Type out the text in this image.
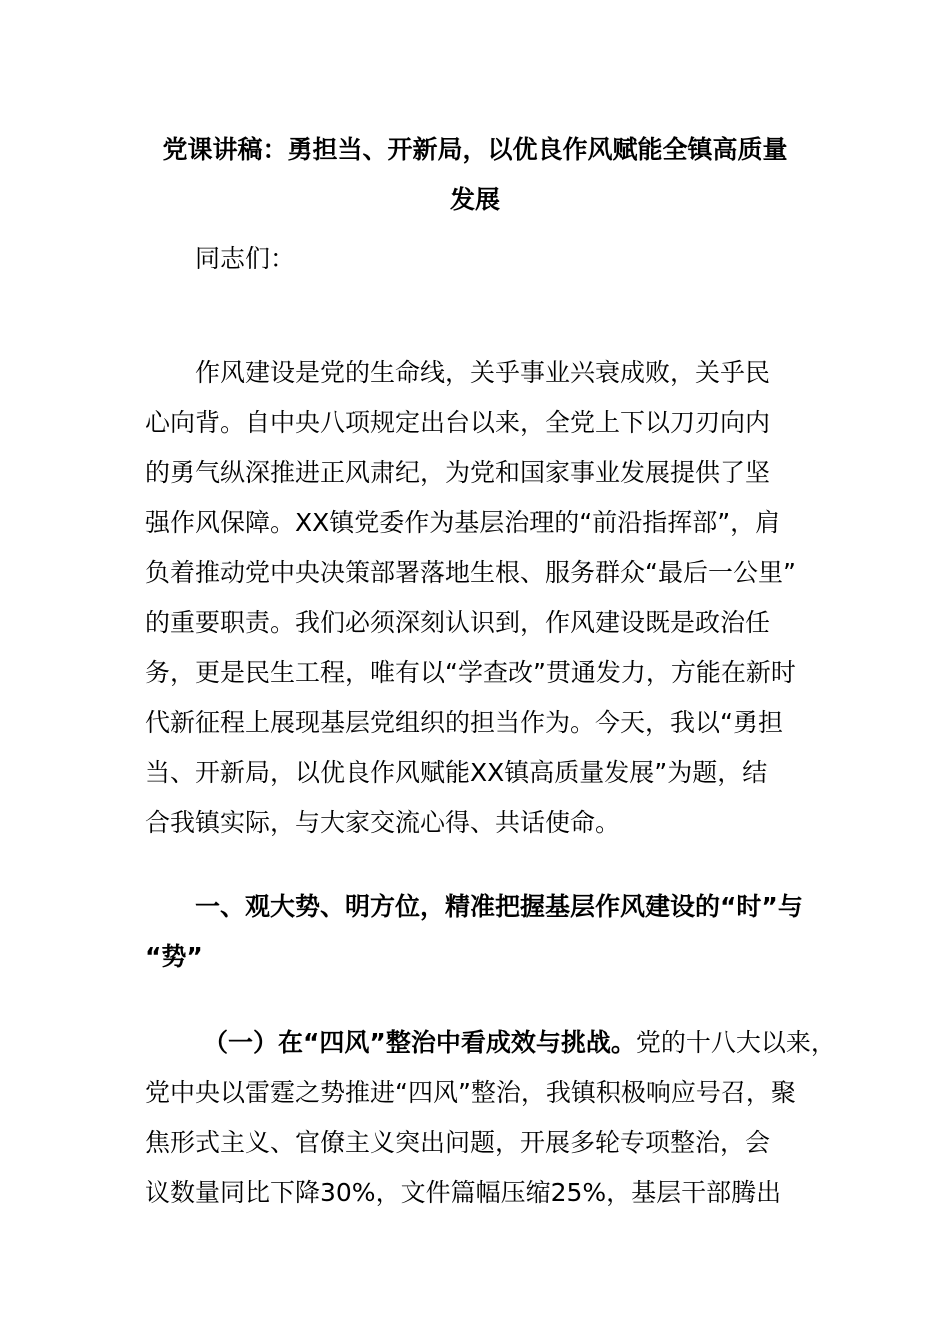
党课讲稿：勇担当、开新局，以优良作风赋能全镇高质量
发展

同志们：

作风建设是党的生命线，关乎事业兴衰成败，关乎民
心向背。自中央八项规定出台以来，全党上下以刀刃向内
的勇气纵深推进正风肃纪，为党和国家事业发展提供了坚
强作风保障。XX镇党委作为基层治理的“前沿指挥部”，肩
负着推动党中央决策部署落地生根、服务群众“最后一公里”
的重要职责。我们必须深刻认识到，作风建设既是政治任
务，更是民生工程，唯有以“学查改”贯通发力，方能在新时
代新征程上展现基层党组织的担当作为。今天，我以“勇担
当、开新局，以优良作风赋能XX镇高质量发展”为题，结
合我镇实际，与大家交流心得、共话使命。

一、观大势、明方位，精准把握基层作风建设的“时”与
“势”

（一）在“四风”整治中看成效与挑战。党的十八大以来，
党中央以雷霆之势推进“四风”整治，我镇积极响应号召，聚
焦形式主义、官僚主义突出问题，开展多轮专项整治，会
议数量同比下降30%，文件篇幅压缩25%，基层干部腾出
